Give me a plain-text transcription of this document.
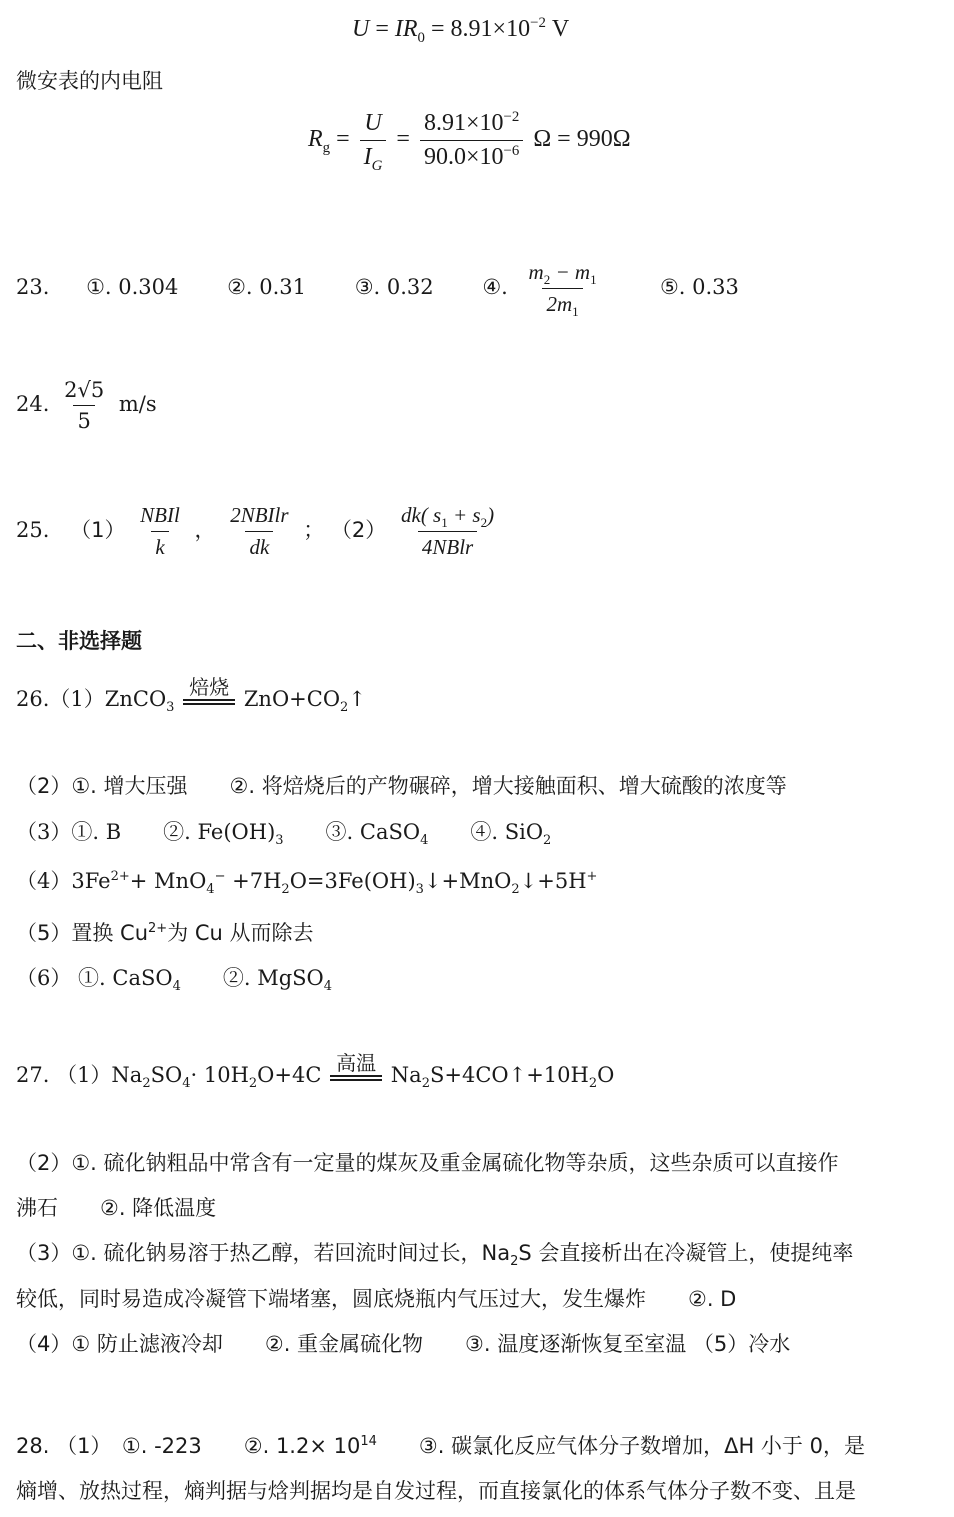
$U = IR_0 = 8.91\times 10^{-2}$ V
微安表的内电阻
$R_g = \frac{U}{I_G} = \frac{8.91\times 10^{-2}}{90.0\times 10^{-6}}$ Ω = 990Ω
23. ①. 0.304 ②. 0.31 ③. 0.32 ④. $\frac{m_2 - m_1}{2m_1}$	⑤. 0.33
24. $\frac{2√5}{5} m/s$
25. $(1) \frac{\text{NBIl}}{k}$ ， $\frac{\text{2NBIlr}}{dk}$ ； $(2) \frac{dk( s_1 + s_2)}{\text{4NBlr}}$
二、非选择题
26.（1）ZnCO$_3$
焙烧 $ZnO+CO_2↑$
（2）①. 增大压强　　②. 将焙烧后的产物碾碎，增大接触面积、增大硫酸的浓度等
（3）①. B　　②. $Fe(OH)_3$　　③. CaSO$_4$　　④. SiO$_2$
$(4)3Fe^{2+}+ MnO_4^-$ $+7H_2O=3Fe(OH)_3↓+MnO_2↓+5H^+$
（5）置换 $Cu^{2+}$为 Cu 从而除去
（6） ①. CaSO$_4$　　②. MgSO$_4$
27. $(1)Na_2SO_4\cdot 10H_2O+4C$ 高温 $Na_2S+4CO↑+10H_2O$
（2）①. 硫化钠粗品中常含有一定量的煤灰及重金属硫化物等杂质，这些杂质可以直接作
沸石　　②. 降低温度
（3）①. 硫化钠易溶于热乙醇，若回流时间过长，$Na_2S$ 会直接析出在冷凝管上，使提纯率
较低，同时易造成冷凝管下端堵塞，圆底烧瓶内气压过大，发生爆炸　　②. D
（4）① 防止滤液冷却　　②. 重金属硫化物　　③. 温度逐渐恢复至室温 （5）冷水
28. （1）　①. -223　　②. $1.2\times 10^{14}$　　③. 碳氯化反应气体分子数增加，ΔH 小于 0，是
熵增、放热过程，熵判据与焓判据均是自发过程，而直接氯化的体系气体分子数不变、且是
